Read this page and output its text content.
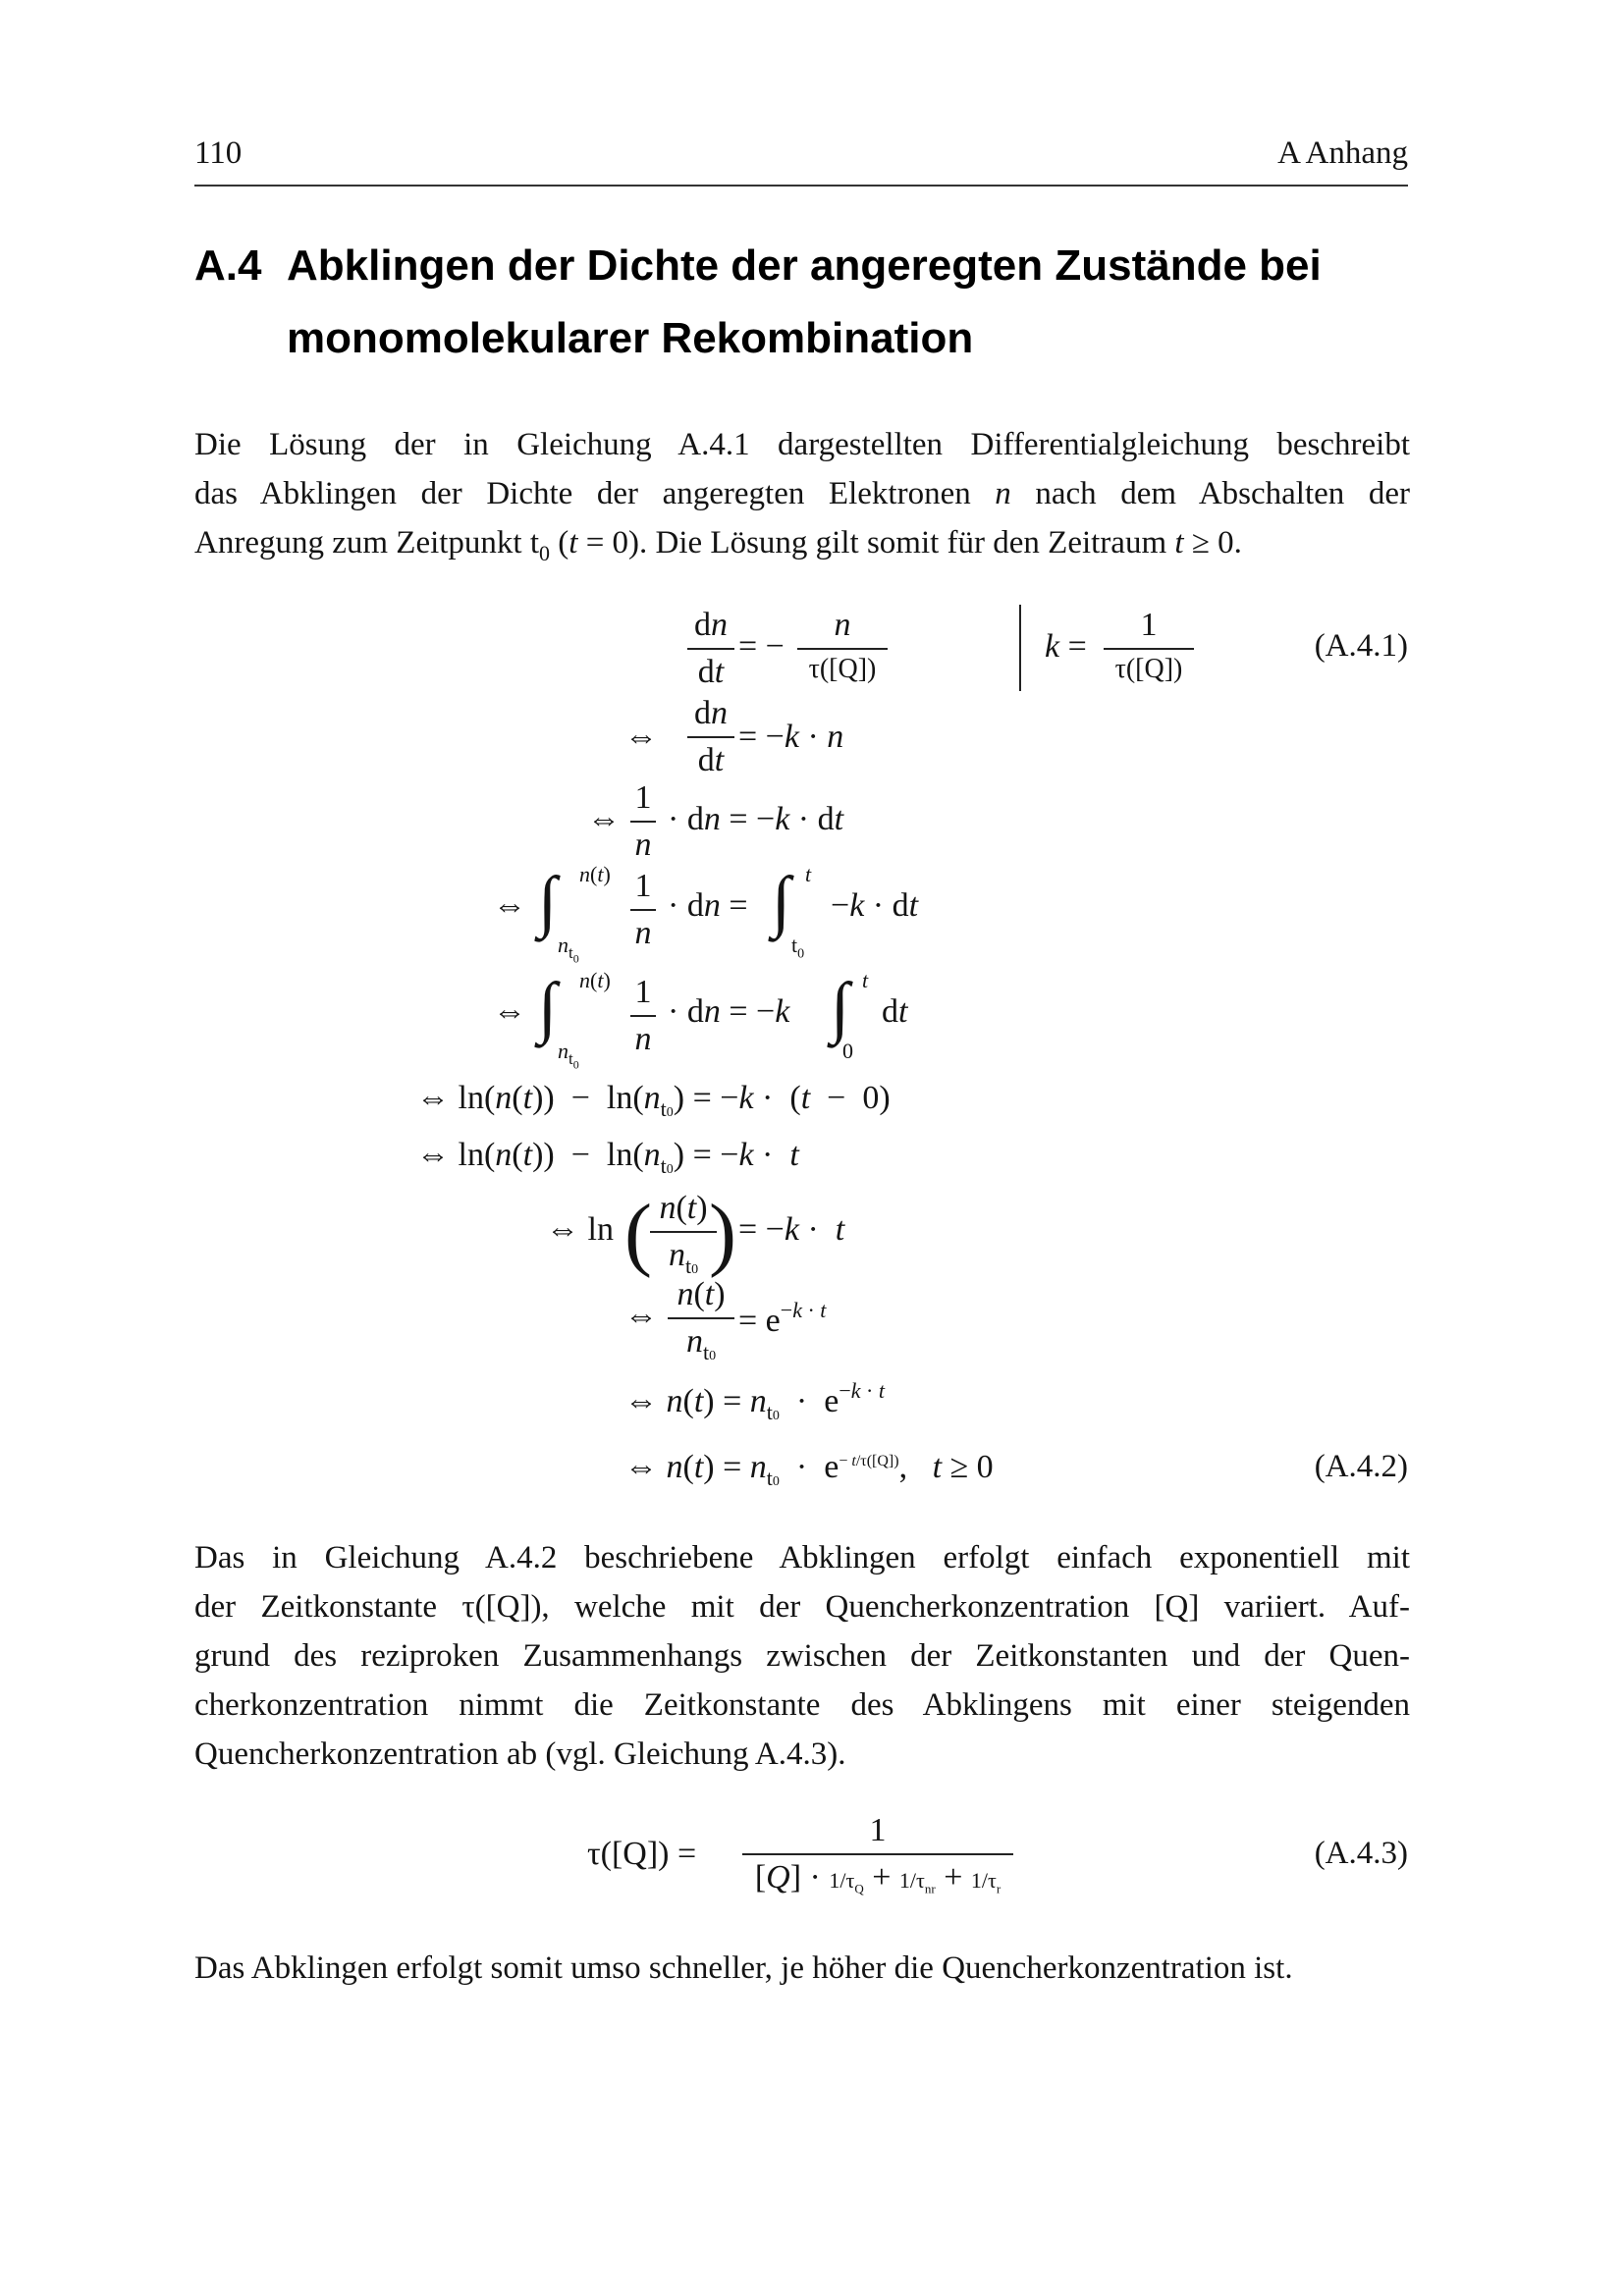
110	A Anhang
A.4 Abklingen der Dichte der angeregten Zustände bei monomolekularer Rekombination
Die Lösung der in Gleichung A.4.1 dargestellten Differentialgleichung beschreibt
das Abklingen der Dichte der angeregten Elektronen n nach dem Abschalten der
Anregung zum Zeitpunkt $t_0$ (t = 0). Die Lösung gilt somit für den Zeitraum t ≥ 0.
dn
dt
= −
n
τ([Q])
k =
1
τ([Q])
(A.4.1)
⇔
dn
dt
= −k · n
⇔
1
n
· dn = −k · dt
⇔ ∫ n(t)
$n_{t_0}$
1
n
· dn = ∫ t
$t_0$
−k · dt
⇔ ∫ n(t)
$n_{t_0}$
1
n
· dn = −k ∫ t
0
dt
⇔ $\ln(n(t)) - \ln(n_{t0}) = -k \cdot (t - 0)$
⇔ $\ln(n(t)) - \ln(n_{t0}) = -k \cdot t$
⇔ ln ( n(t)
$n_{t0}$ ) = −k ·  t
⇔
n(t)
$n_{t0}$
= $e^{-k \cdot t}$
⇔ $n(t) = n_{t0} \cdot e^{-k \cdot t}$
⇔ $n(t) = n_{t0} \cdot e^{- t/\tau([Q])}$,   t ≥ 0	(A.4.2)
Das in Gleichung A.4.2 beschriebene Abklingen erfolgt einfach exponentiell mit
der Zeitkonstante τ([Q]), welche mit der Quencherkonzentration [Q] variiert. Auf-
grund des reziproken Zusammenhangs zwischen der Zeitkonstanten und der Quen-
cherkonzentration nimmt die Zeitkonstante des Abklingens mit einer steigenden
Quencherkonzentration ab (vgl. Gleichung A.4.3).
τ([Q]) =
1
$[Q] \cdot 1/\tau_Q + 1/\tau_{nr} + 1/\tau_r$
(A.4.3)
Das Abklingen erfolgt somit umso schneller, je höher die Quencherkonzentration ist.
